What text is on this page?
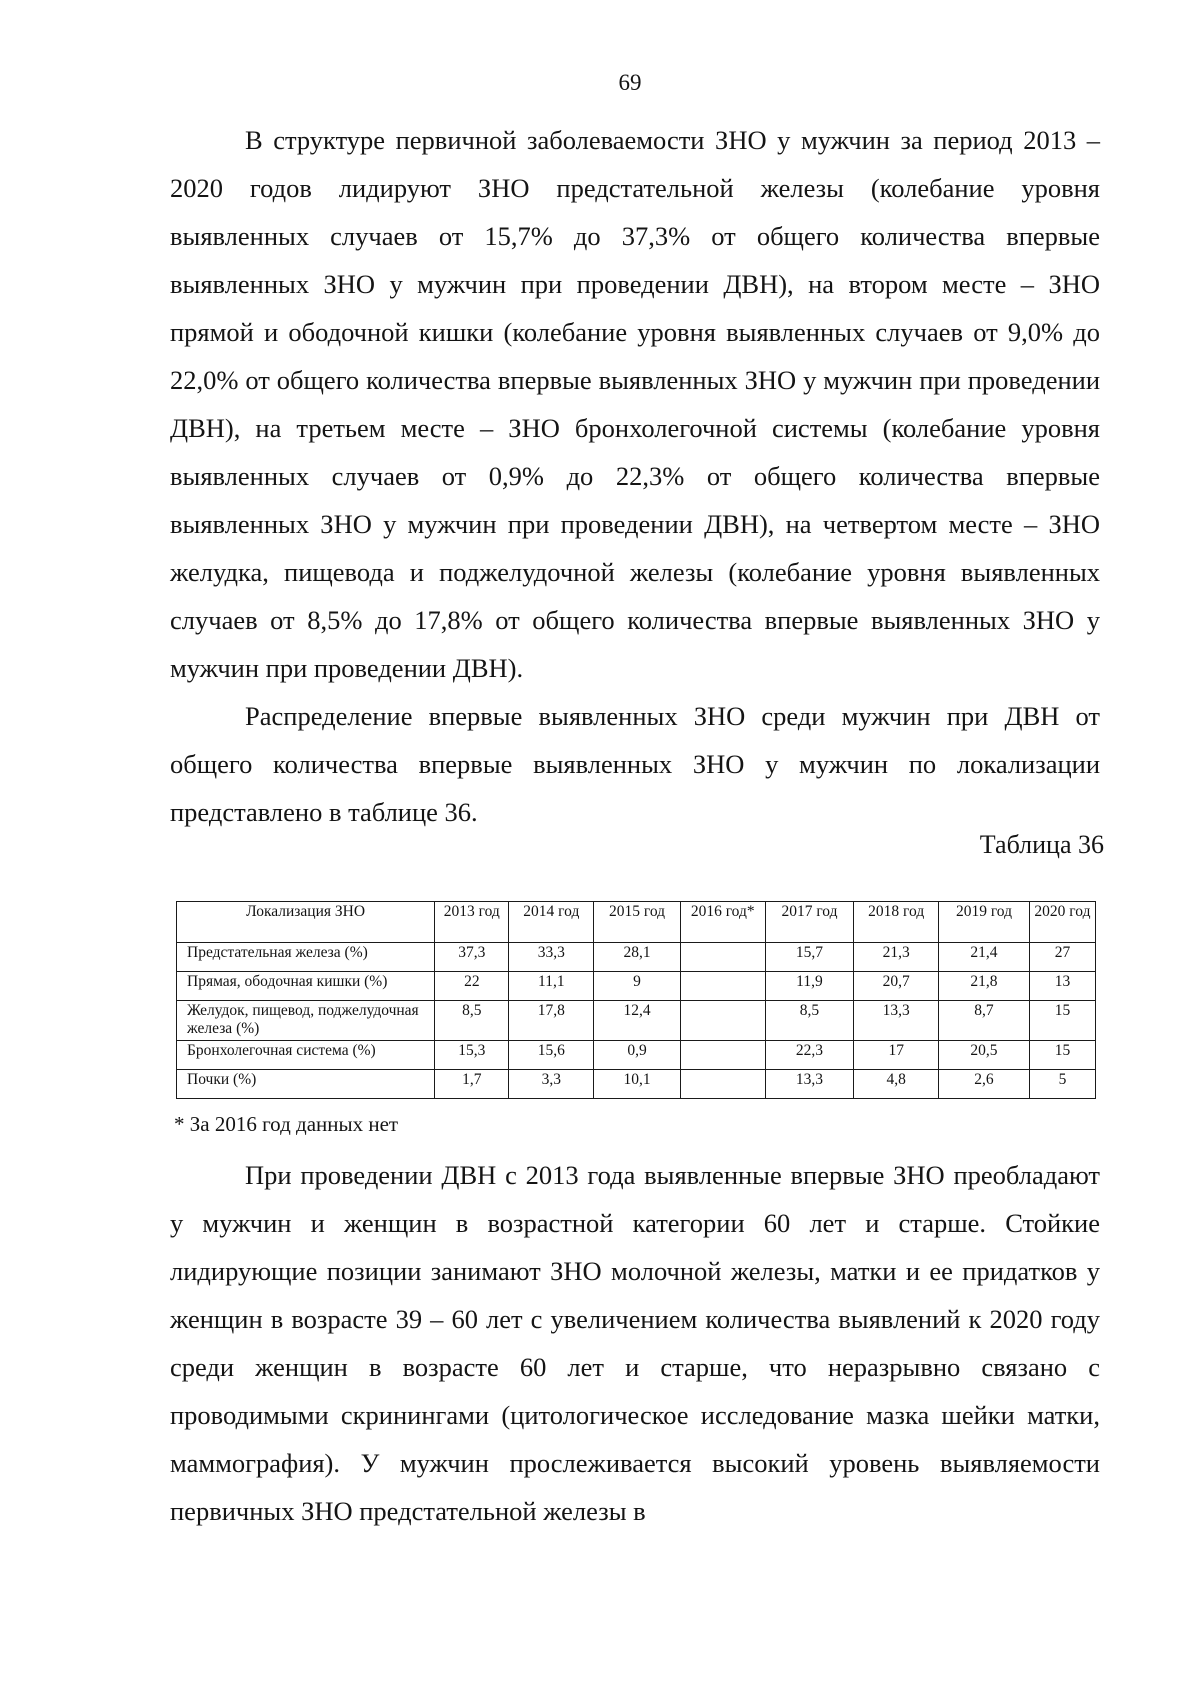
69

В структуре первичной заболеваемости ЗНО у мужчин за период 2013 – 2020 годов лидируют ЗНО предстательной железы (колебание уровня выявленных случаев от 15,7% до 37,3% от общего количества впервые выявленных ЗНО у мужчин при проведении ДВН), на втором месте – ЗНО прямой и ободочной кишки (колебание уровня выявленных случаев от 9,0% до 22,0% от общего количества впервые выявленных ЗНО у мужчин при проведении ДВН), на третьем месте – ЗНО бронхолегочной системы (колебание уровня выявленных случаев от 0,9% до 22,3% от общего количества впервые выявленных ЗНО у мужчин при проведении ДВН), на четвертом месте – ЗНО желудка, пищевода и поджелудочной железы (колебание уровня выявленных случаев от 8,5% до 17,8% от общего количества впервые выявленных ЗНО у мужчин при проведении ДВН).

Распределение впервые выявленных ЗНО среди мужчин при ДВН от общего количества впервые выявленных ЗНО у мужчин по локализации представлено в таблице 36.

Таблица 36
Локализация ЗНО	2013 год	2014 год	2015 год	2016 год*	2017 год	2018 год	2019 год	2020 год
Предстательная железа (%)	37,3	33,3	28,1		15,7	21,3	21,4	27
Прямая, ободочная кишки (%)	22	11,1	9		11,9	20,7	21,8	13
Желудок, пищевод, поджелудочная железа (%)	8,5	17,8	12,4		8,5	13,3	8,7	15
Бронхолегочная система (%)	15,3	15,6	0,9		22,3	17	20,5	15
Почки (%)	1,7	3,3	10,1		13,3	4,8	2,6	5
* За 2016 год данных нет

При проведении ДВН с 2013 года выявленные впервые ЗНО преобладают у мужчин и женщин в возрастной категории 60 лет и старше. Стойкие лидирующие позиции занимают ЗНО молочной железы, матки и ее придатков у женщин в возрасте 39 – 60 лет с увеличением количества выявлений к 2020 году среди женщин в возрасте 60 лет и старше, что неразрывно связано с проводимыми скринингами (цитологическое исследование мазка шейки матки, маммография). У мужчин прослеживается высокий уровень выявляемости первичных ЗНО предстательной железы в
